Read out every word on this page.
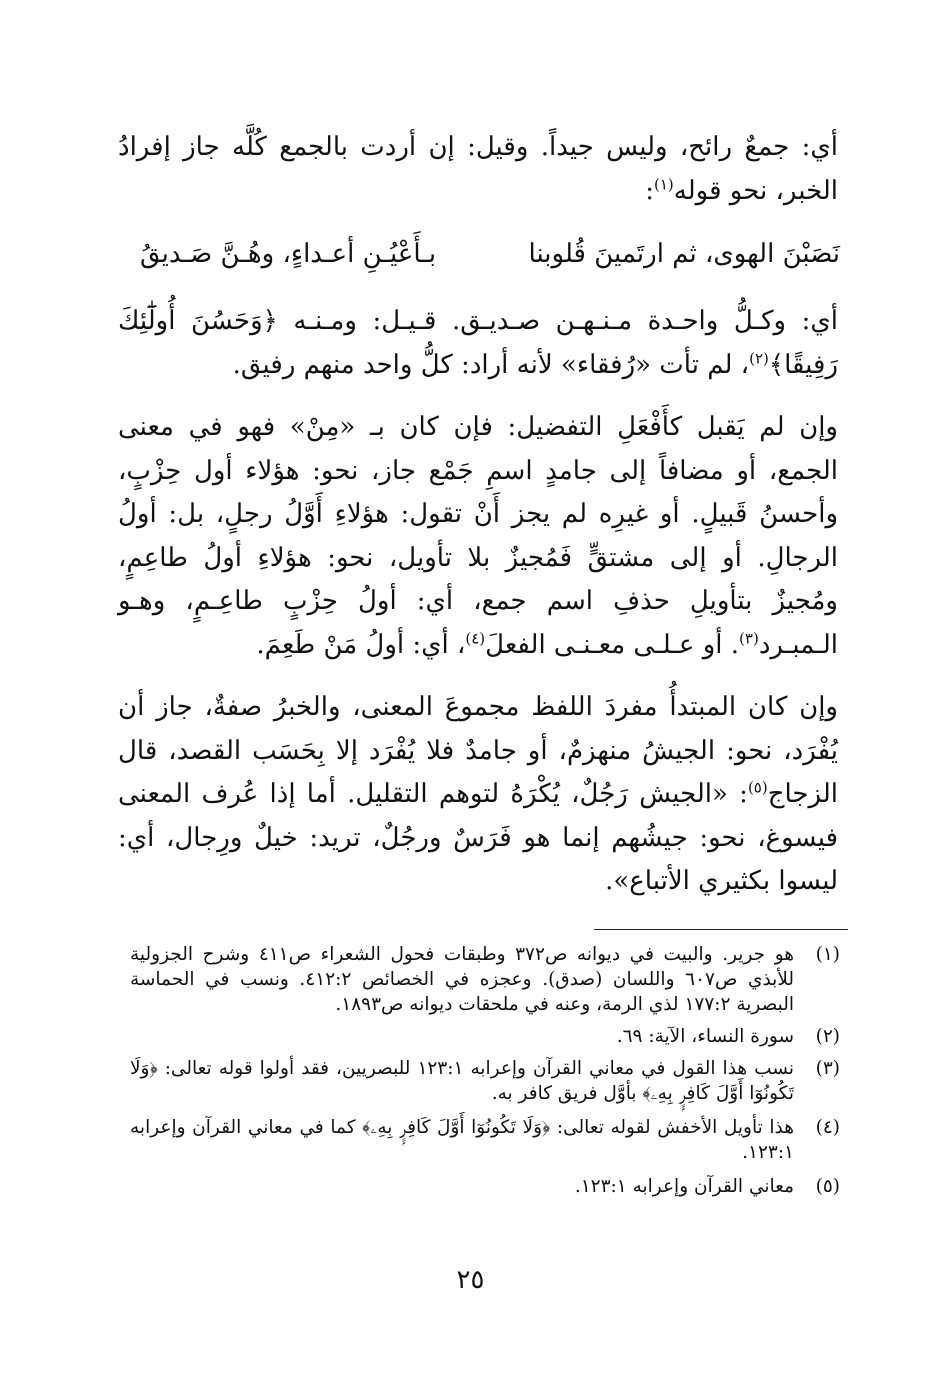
أي: جمعٌ رائح، وليس جيداً. وقيل: إن أردت بالجمع كُلَّه جاز إفرادُ الخبر، نحو قوله$^{(١)}$:

نَصَبْنَ الهوى، ثم ارتَمينَ قُلوبنا
بـأَعْيُـنِ أعـداءٍ، وهُـنَّ صَـديقُ

أي: وكـلُّ واحـدة مـنـهـن صـديـق. قـيـل: ومـنـه ﴿وَحَسُنَ أُولَٰٓئِكَ رَفِيقًا﴾$^{(٢)}$، لم تأت «رُفقاء» لأنه أراد: كلُّ واحد منهم رفيق.

وإن لم يَقبل كأَفْعَلِ التفضيل: فإن كان بـ «مِنْ» فهو في معنى الجمع، أو مضافاً إلى جامدٍ اسمِ جَمْع جاز، نحو: هؤلاء أول حِزْبٍ، وأحسنُ قَبيلٍ. أو غيرِه لم يجز أَنْ تقول: هؤلاءِ أَوَّلُ رجلٍ، بل: أولُ الرجالِ. أو إلى مشتقٍّ فَمُجيزٌ بلا تأويل، نحو: هؤلاءِ أولُ طاعِمٍ، ومُجيزٌ بتأويلِ حذفِ اسم جمع، أي: أولُ حِزْبٍ طاعِـمٍ، وهـو الـمبـرد$^{(٣)}$. أو عـلـى معـنـى الفعلَ$^{(٤)}$، أي: أولُ مَنْ طَعِمَ.

وإن كان المبتدأُ مفردَ اللفظ مجموعَ المعنى، والخبرُ صفةٌ، جاز أن يُفْرَد، نحو: الجيشُ منهزمٌ، أو جامدٌ فلا يُفْرَد إلا بِحَسَب القصد، قال الزجاج$^{(٥)}$: «الجيش رَجُلٌ، يُكْرَهُ لتوهم التقليل. أما إذا عُرف المعنى فيسوغ، نحو: جيشُهم إنما هو فَرَسٌ ورجُلٌ، تريد: خيلٌ ورِجال، أي: ليسوا بكثيري الأتباع».

(١)
هو جرير. والبيت في ديوانه ص٣٧٢ وطبقات فحول الشعراء ص٤١١ وشرح الجزولية للأبذي ص٦٠٧ واللسان (صدق). وعجزه في الخصائص ٤١٢:٢. ونسب في الحماسة البصرية ١٧٧:٢ لذي الرمة، وعنه في ملحقات ديوانه ص١٨٩٣.
(٢)
سورة النساء، الآية: ٦٩.
(٣)
نسب هذا القول في معاني القرآن وإعرابه ١٢٣:١ للبصريين، فقد أولوا قوله تعالى: ﴿وَلَا تَكُونُوٓا أَوَّلَ كَافِرٍۭ بِهِۦ﴾ بأوَّل فريق كافر به.
(٤)
هذا تأويل الأخفش لقوله تعالى: ﴿وَلَا تَكُونُوٓا أَوَّلَ كَافِرٍۭ بِهِۦ﴾ كما في معاني القرآن وإعرابه ١٢٣:١.
(٥)
معاني القرآن وإعرابه ١٢٣:١.
٢٥
